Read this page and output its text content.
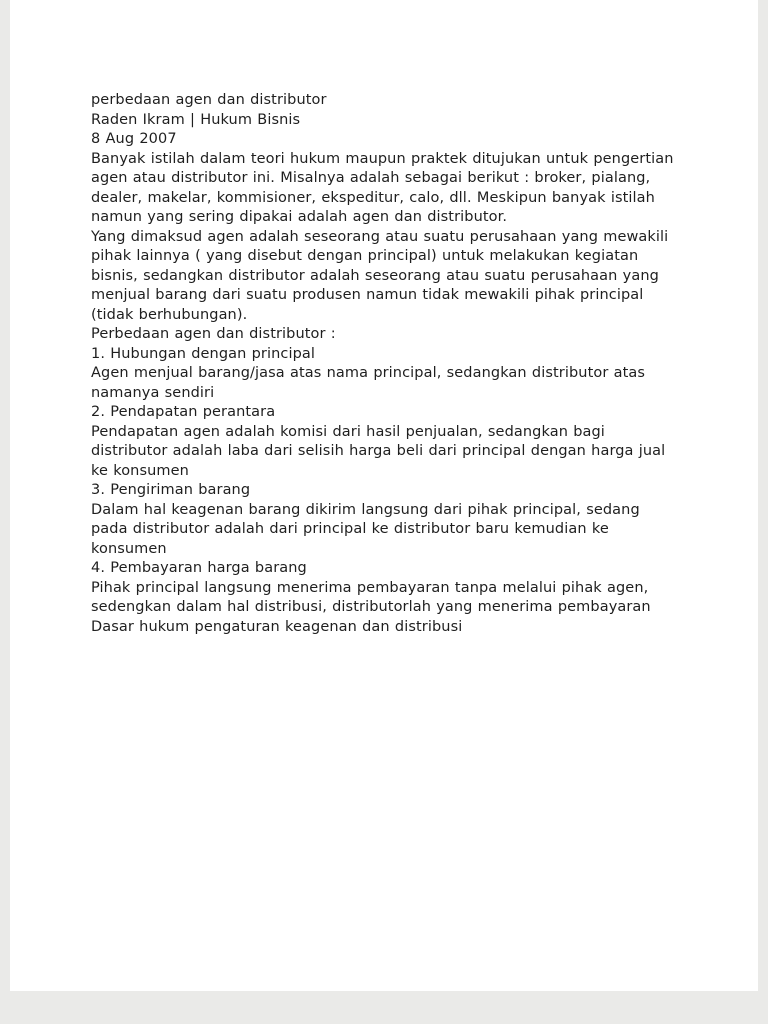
perbedaan agen dan distributor

Raden Ikram | Hukum Bisnis

8 Aug 2007

Banyak istilah dalam teori hukum maupun praktek ditujukan untuk pengertian agen atau distributor ini. Misalnya adalah sebagai berikut : broker, pialang, dealer, makelar, kommisioner, ekspeditur, calo, dll. Meskipun banyak istilah namun yang sering dipakai adalah agen dan distributor.

Yang dimaksud agen adalah seseorang atau suatu perusahaan yang mewakili pihak lainnya ( yang disebut dengan principal) untuk melakukan kegiatan bisnis, sedangkan distributor adalah seseorang atau suatu perusahaan yang menjual barang dari suatu produsen namun tidak mewakili pihak principal (tidak berhubungan).

Perbedaan agen dan distributor :

1. Hubungan dengan principal

Agen menjual barang/jasa atas nama principal, sedangkan distributor atas namanya sendiri

2. Pendapatan perantara

Pendapatan agen adalah komisi dari hasil penjualan, sedangkan bagi distributor adalah laba dari selisih harga beli dari principal dengan harga jual ke konsumen

3. Pengiriman barang

Dalam hal keagenan barang dikirim langsung dari pihak principal, sedang pada distributor adalah dari principal ke distributor baru kemudian ke konsumen

4. Pembayaran harga barang

Pihak principal langsung menerima pembayaran tanpa melalui pihak agen, sedengkan dalam hal distribusi, distributorlah yang menerima pembayaran

Dasar hukum pengaturan keagenan dan distribusi
